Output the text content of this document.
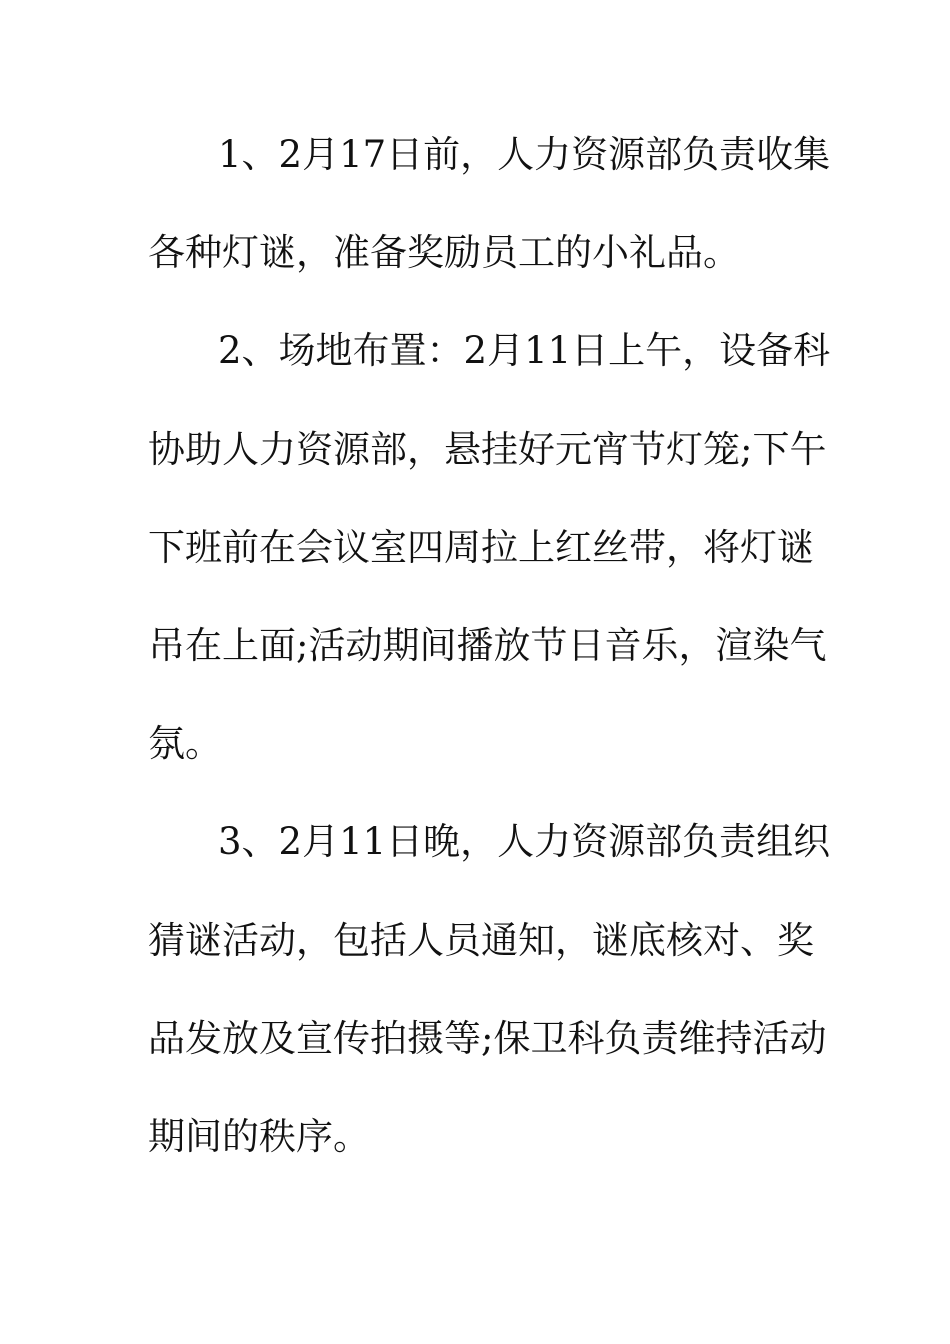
1、2月17日前，人力资源部负责收集
各种灯谜，准备奖励员工的小礼品。
2、场地布置：2月11日上午，设备科
协助人力资源部，悬挂好元宵节灯笼;下午
下班前在会议室四周拉上红丝带，将灯谜
吊在上面;活动期间播放节日音乐，渲染气
氛。
3、2月11日晚，人力资源部负责组织
猜谜活动，包括人员通知，谜底核对、奖
品发放及宣传拍摄等;保卫科负责维持活动
期间的秩序。
